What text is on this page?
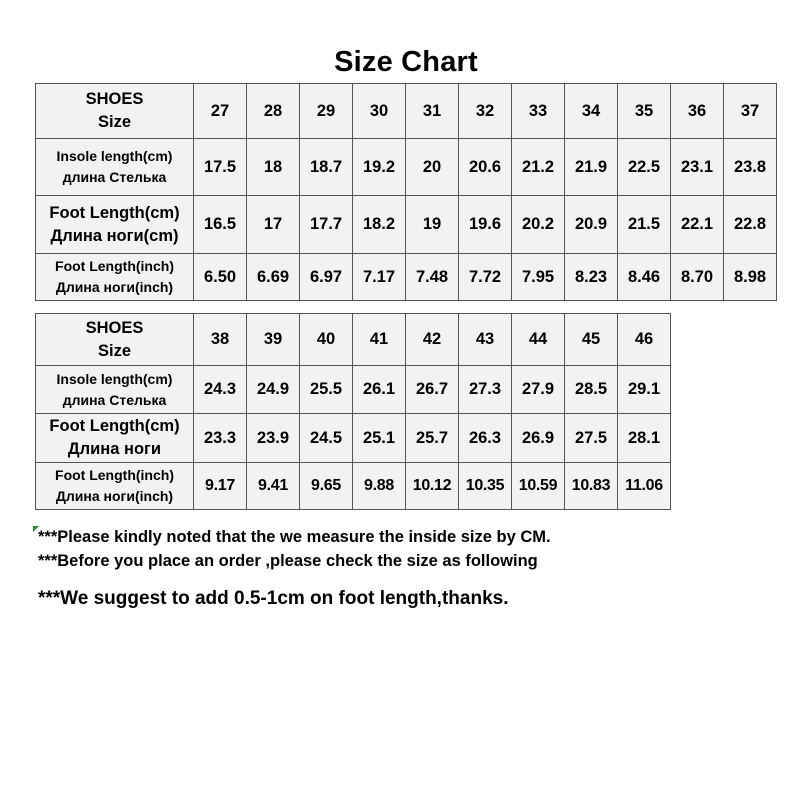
Size Chart
SHOES
Size	27	28	29	30	31	32	33	34	35	36	37

Insole length(cm)
длина Стелька	17.5	18	18.7	19.2	20	20.6	21.2	21.9	22.5	23.1	23.8

Foot Length(cm)
Длина ноги(cm)	16.5	17	17.7	18.2	19	19.6	20.2	20.9	21.5	22.1	22.8

Foot Length(inch)
Длина ноги(inch)	6.50	6.69	6.97	7.17	7.48	7.72	7.95	8.23	8.46	8.70	8.98
SHOES
Size	38	39	40	41	42	43	44	45	46

Insole length(cm)
длина Стелька	24.3	24.9	25.5	26.1	26.7	27.3	27.9	28.5	29.1

Foot Length(cm)
Длина ноги	23.3	23.9	24.5	25.1	25.7	26.3	26.9	27.5	28.1

Foot Length(inch)
Длина ноги(inch)	9.17	9.41	9.65	9.88	10.12	10.35	10.59	10.83	11.06
***Please kindly noted that the we measure the inside size by CM.
***Before you place an order ,please check the size as following
***We suggest to add 0.5-1cm on foot length,thanks.
